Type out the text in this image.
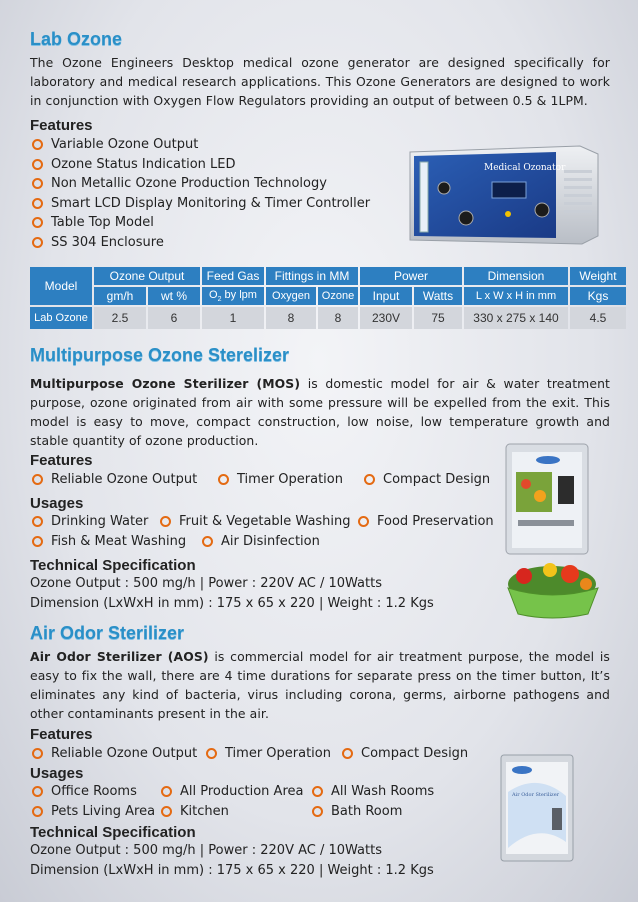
Lab Ozone

The Ozone Engineers Desktop medical ozone generator are designed specifically for laboratory and medical research applications. This Ozone Generators are designed to work in conjunction with Oxygen Flow Regulators providing an output of between 0.5 & 1LPM.

Features
Variable Ozone Output
Ozone Status Indication LED
Non Metallic Ozone Production Technology
Smart LCD Display Monitoring & Timer Controller
Table Top Model
SS 304 Enclosure
Medical Ozonator
Model	Ozone Output		Feed Gas	Fittings in MM		Power		Dimension	Weight
	gm/h	wt %	$O_2$ by lpm	Oxygen	Ozone	Input	Watts	L x W x H in mm	Kgs
Lab Ozone	2.5	6	1	8	8	230V	75	330 x 275 x 140	4.5
Multipurpose Ozone Sterelizer

Multipurpose Ozone Sterilizer (MOS) is domestic model for air & water treatment purpose, ozone originated from air with some pressure will be expelled from the exit. This model is easy to move, compact construction, low noise, low temperature growth and stable quantity of ozone production.

Features
Reliable Ozone Output	Timer Operation	Compact Design
Usages
Drinking Water Fruit & Vegetable Washing Food Preservation
Fish & Meat Washing	Air Disinfection
Technical Specification

Ozone Output : 500 mg/h | Power : 220V AC / 10Watts

Dimension (LxWxH in mm) : 175 x 65 x 220 | Weight : 1.2 Kgs

Air Odor Sterilizer

Air Odor Sterilizer (AOS) is commercial model for air treatment purpose, the model is easy to fix the wall, there are 4 time durations for separate press on the timer button, It’s eliminates any kind of bacteria, virus including corona, germs, airborne pathogens and other contaminants present in the air.

Features
Reliable Ozone Output Timer Operation Compact Design
Usages
Office Rooms	All Production Area All Wash Rooms
Pets Living Area Kitchen	Bath Room
Technical Specification

Ozone Output : 500 mg/h | Power : 220V AC / 10Watts

Dimension (LxWxH in mm) : 175 x 65 x 220 | Weight : 1.2 Kgs

Air Odor Sterilizer
